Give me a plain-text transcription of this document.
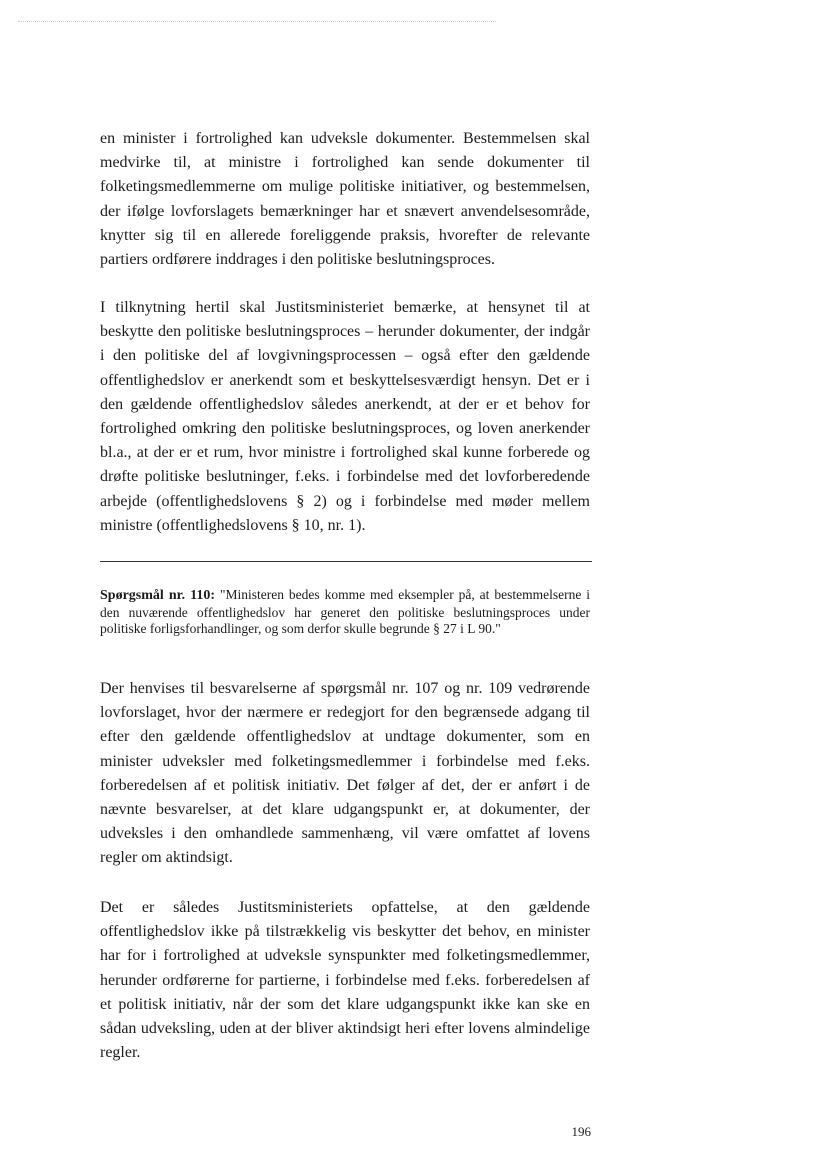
en minister i fortrolighed kan udveksle dokumenter. Bestemmelsen skal medvirke til, at ministre i fortrolighed kan sende dokumenter til folketingsmedlemmerne om mulige politiske initiativer, og bestemmelsen, der ifølge lovforslagets bemærkninger har et snævert anvendelsesområde, knytter sig til en allerede foreliggende praksis, hvorefter de relevante partiers ordførere inddrages i den politiske beslutningsproces.

I tilknytning hertil skal Justitsministeriet bemærke, at hensynet til at beskytte den politiske beslutningsproces – herunder dokumenter, der indgår i den politiske del af lovgivningsprocessen – også efter den gældende offentlighedslov er anerkendt som et beskyttelsesværdigt hensyn. Det er i den gældende offentlighedslov således anerkendt, at der er et behov for fortrolighed omkring den politiske beslutningsproces, og loven anerkender bl.a., at der er et rum, hvor ministre i fortrolighed skal kunne forberede og drøfte politiske beslutninger, f.eks. i forbindelse med det lovforberedende arbejde (offentlighedslovens § 2) og i forbindelse med møder mellem ministre (offentlighedslovens § 10, nr. 1).

Spørgsmål nr. 110: "Ministeren bedes komme med eksempler på, at bestemmelserne i den nuværende offentlighedslov har generet den politiske beslutningsproces under politiske forligsforhandlinger, og som derfor skulle begrunde § 27 i L 90."

Der henvises til besvarelserne af spørgsmål nr. 107 og nr. 109 vedrørende lovforslaget, hvor der nærmere er redegjort for den begrænsede adgang til efter den gældende offentlighedslov at undtage dokumenter, som en minister udveksler med folketingsmedlemmer i forbindelse med f.eks. forberedelsen af et politisk initiativ. Det følger af det, der er anført i de nævnte besvarelser, at det klare udgangspunkt er, at dokumenter, der udveksles i den omhandlede sammenhæng, vil være omfattet af lovens regler om aktindsigt.

Det er således Justitsministeriets opfattelse, at den gældende offentlighedslov ikke på tilstrækkelig vis beskytter det behov, en minister har for i fortrolighed at udveksle synspunkter med folketingsmedlemmer, herunder ordførerne for partierne, i forbindelse med f.eks. forberedelsen af et politisk initiativ, når der som det klare udgangspunkt ikke kan ske en sådan udveksling, uden at der bliver aktindsigt heri efter lovens almindelige regler.

196
